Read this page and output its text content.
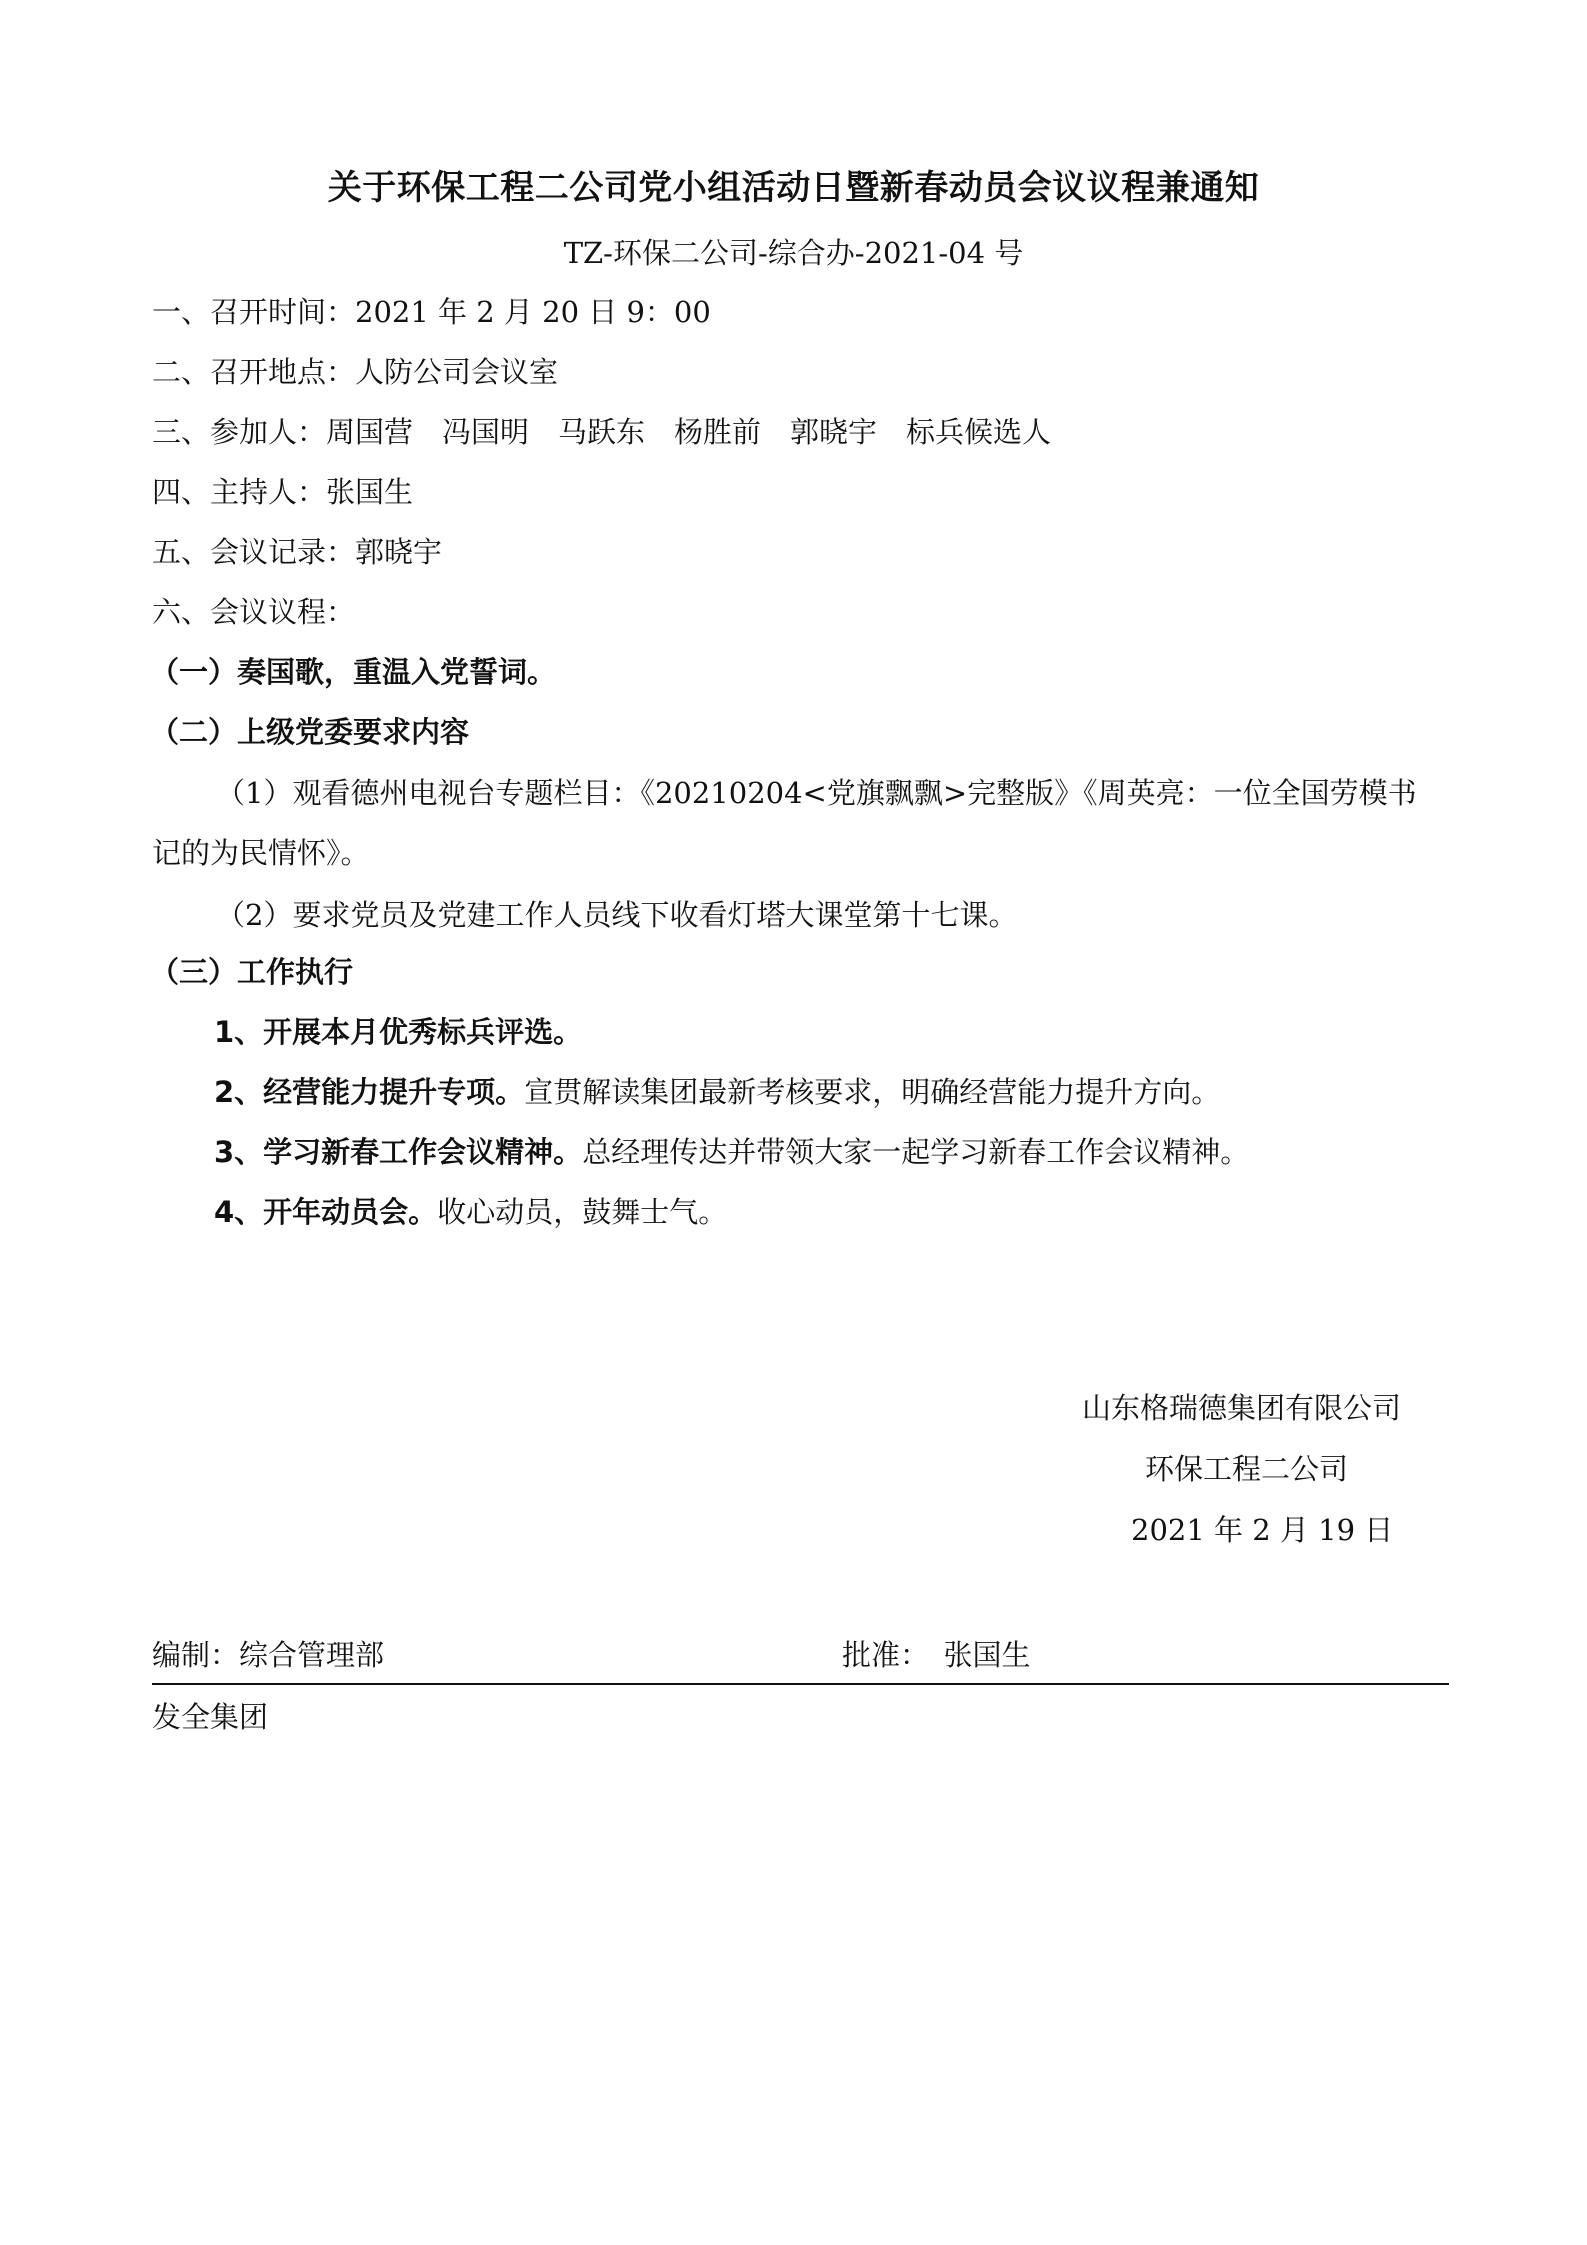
关于环保工程二公司党小组活动日暨新春动员会议议程兼通知
TZ-环保二公司-综合办-2021-04 号
一、召开时间：2021 年 2 月 20 日 9：00
二、召开地点：人防公司会议室
三、参加人：周国营　冯国明　马跃东　杨胜前　郭晓宇　标兵候选人
四、主持人：张国生
五、会议记录：郭晓宇
六、会议议程：
（一）奏国歌，重温入党誓词。
（二）上级党委要求内容
（1）观看德州电视台专题栏目：《20210204<党旗飘飘>完整版》《周英亮：一位全国劳模书记的为民情怀》。
（2）要求党员及党建工作人员线下收看灯塔大课堂第十七课。
（三）工作执行
1、开展本月优秀标兵评选。
2、经营能力提升专项。宣贯解读集团最新考核要求，明确经营能力提升方向。
3、学习新春工作会议精神。总经理传达并带领大家一起学习新春工作会议精神。
4、开年动员会。收心动员，鼓舞士气。
山东格瑞德集团有限公司
环保工程二公司
2021 年 2 月 19 日
编制：综合管理部	批准：　张国生
发全集团
